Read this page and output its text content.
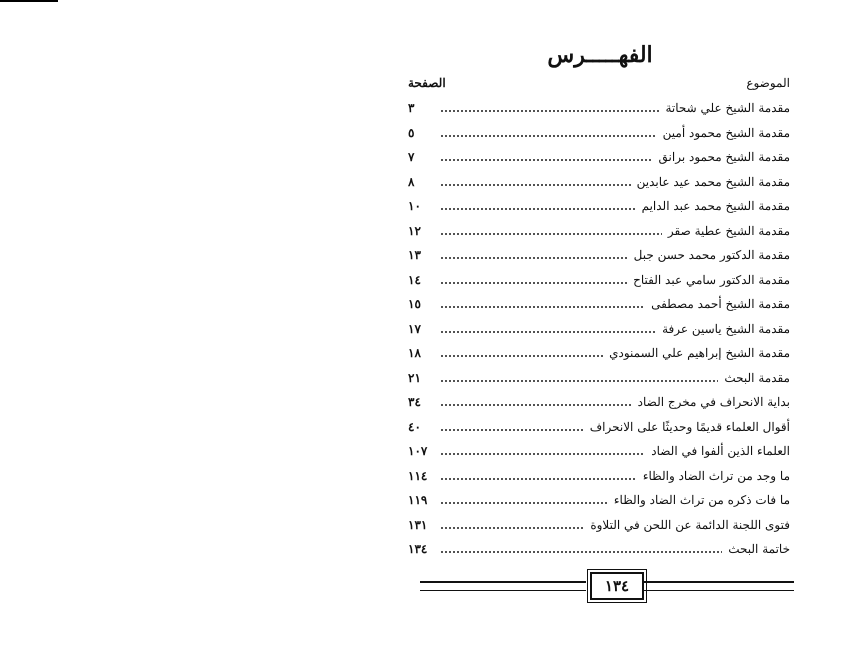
الفهـــــرس
الموضوع
الصفحة
مقدمة الشيخ علي شحاتة
٣
مقدمة الشيخ محمود أمين
٥
مقدمة الشيخ محمود برانق
٧
مقدمة الشيخ محمد عيد عابدين
٨
مقدمة الشيخ محمد عبد الدايم
١٠
مقدمة الشيخ عطية صقر
١٢
مقدمة الدكتور محمد حسن جبل
١٣
مقدمة الدكتور سامي عبد الفتاح
١٤
مقدمة الشيخ أحمد مصطفى
١٥
مقدمة الشيخ ياسين عرفة
١٧
مقدمة الشيخ إبراهيم علي السمنودي
١٨
مقدمة البحث
٢١
بداية الانحراف في مخرج الضاد
٣٤
أقوال العلماء قديمًا وحديثًا على الانحراف
٤٠
العلماء الذين ألفوا في الضاد
١٠٧
ما وجد من تراث الضاد والظاء
١١٤
ما فات ذكره من تراث الضاد والظاء
١١٩
فتوى اللجنة الدائمة عن اللحن في التلاوة
١٣١
خاتمة البحث
١٣٤
١٣٤
